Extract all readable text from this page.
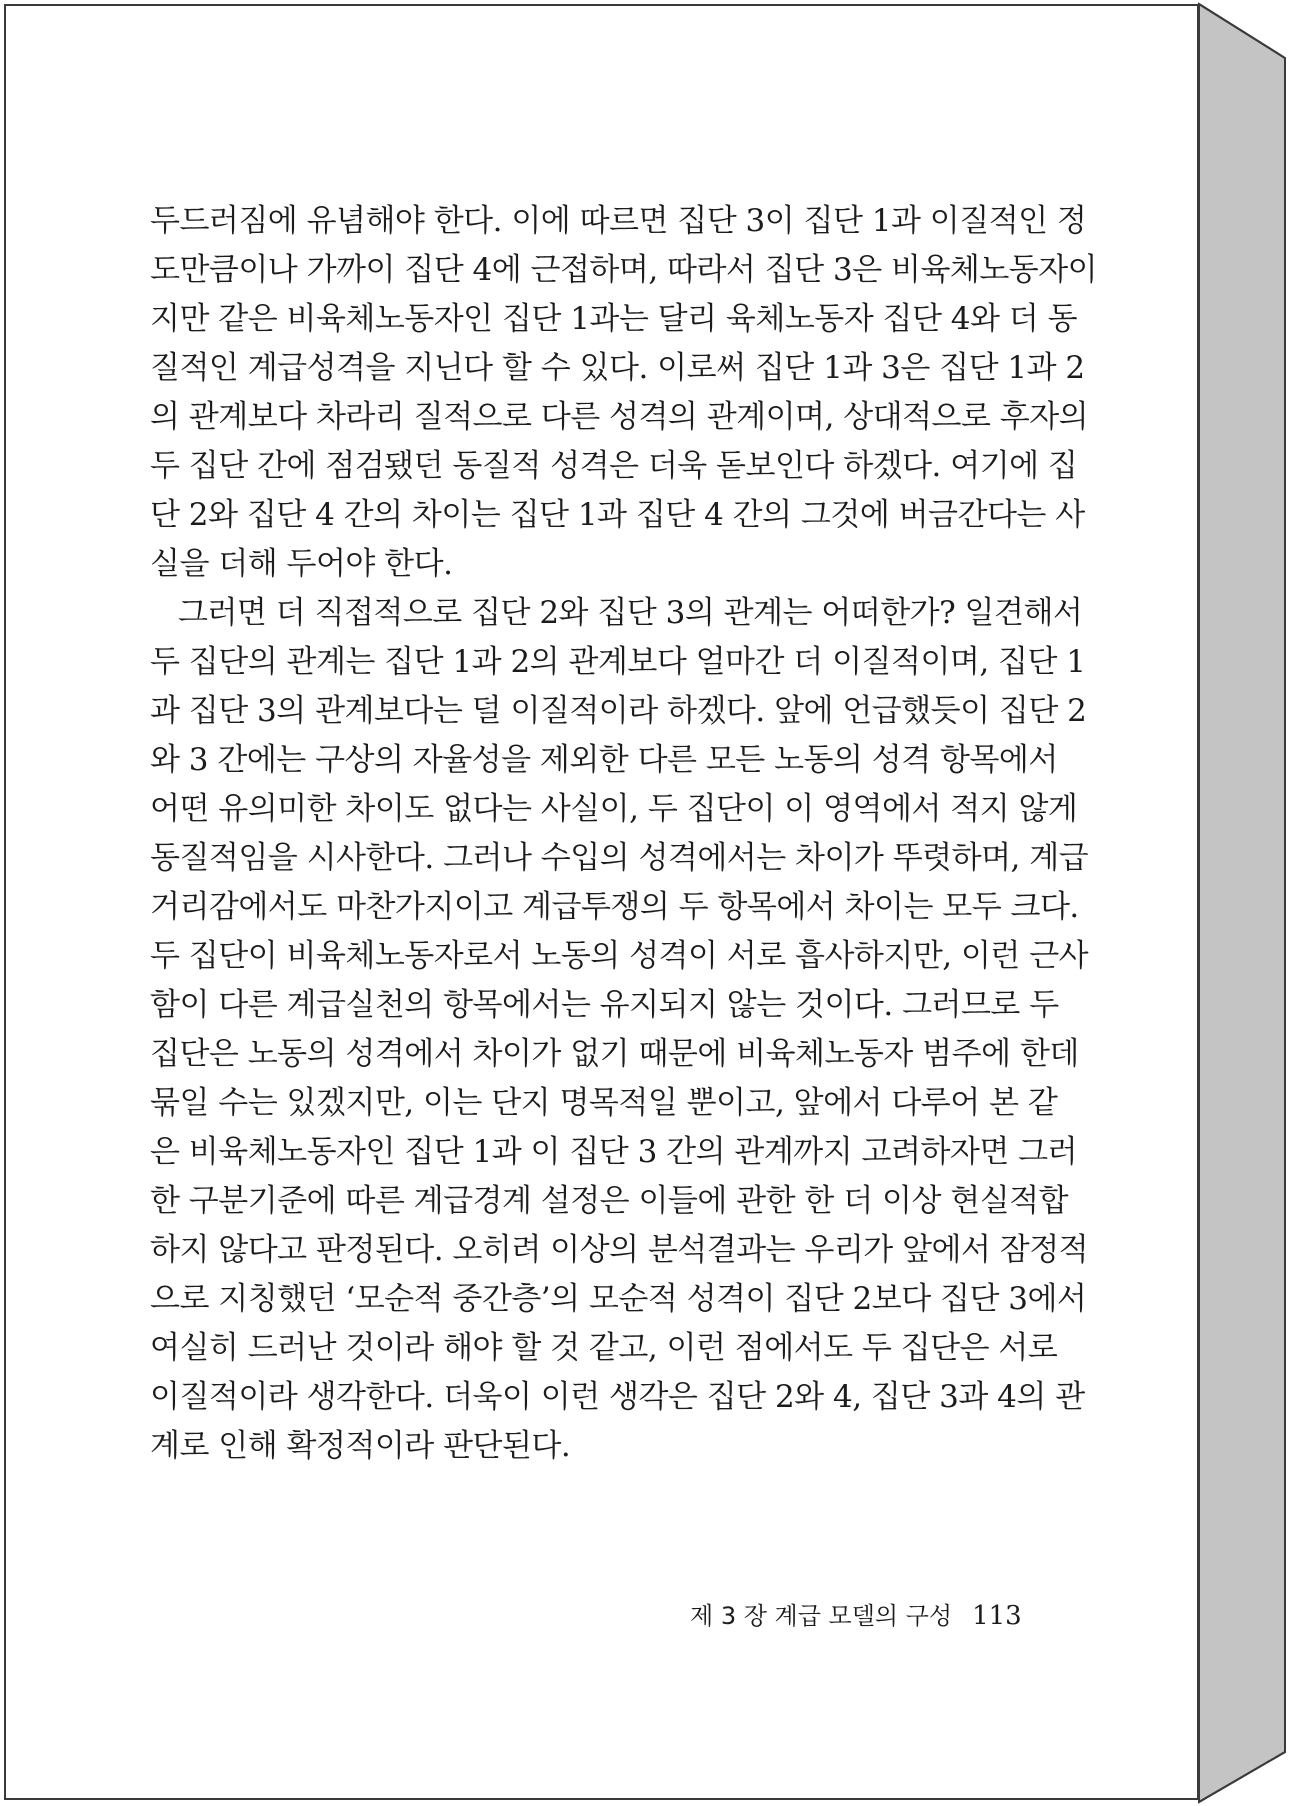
두드러짐에 유념해야 한다. 이에 따르면 집단 3이 집단 1과 이질적인 정
도만큼이나 가까이 집단 4에 근접하며, 따라서 집단 3은 비육체노동자이
지만 같은 비육체노동자인 집단 1과는 달리 육체노동자 집단 4와 더 동
질적인 계급성격을 지닌다 할 수 있다. 이로써 집단 1과 3은 집단 1과 2
의 관계보다 차라리 질적으로 다른 성격의 관계이며, 상대적으로 후자의
두 집단 간에 점검됐던 동질적 성격은 더욱 돋보인다 하겠다. 여기에 집
단 2와 집단 4 간의 차이는 집단 1과 집단 4 간의 그것에 버금간다는 사
실을 더해 두어야 한다.
그러면 더 직접적으로 집단 2와 집단 3의 관계는 어떠한가? 일견해서
두 집단의 관계는 집단 1과 2의 관계보다 얼마간 더 이질적이며, 집단 1
과 집단 3의 관계보다는 덜 이질적이라 하겠다. 앞에 언급했듯이 집단 2
와 3 간에는 구상의 자율성을 제외한 다른 모든 노동의 성격 항목에서
어떤 유의미한 차이도 없다는 사실이, 두 집단이 이 영역에서 적지 않게
동질적임을 시사한다. 그러나 수입의 성격에서는 차이가 뚜렷하며, 계급
거리감에서도 마찬가지이고 계급투쟁의 두 항목에서 차이는 모두 크다.
두 집단이 비육체노동자로서 노동의 성격이 서로 흡사하지만, 이런 근사
함이 다른 계급실천의 항목에서는 유지되지 않는 것이다. 그러므로 두
집단은 노동의 성격에서 차이가 없기 때문에 비육체노동자 범주에 한데
묶일 수는 있겠지만, 이는 단지 명목적일 뿐이고, 앞에서 다루어 본 같
은 비육체노동자인 집단 1과 이 집단 3 간의 관계까지 고려하자면 그러
한 구분기준에 따른 계급경계 설정은 이들에 관한 한 더 이상 현실적합
하지 않다고 판정된다. 오히려 이상의 분석결과는 우리가 앞에서 잠정적
으로 지칭했던 ‘모순적 중간층’의 모순적 성격이 집단 2보다 집단 3에서
여실히 드러난 것이라 해야 할 것 같고, 이런 점에서도 두 집단은 서로
이질적이라 생각한다. 더욱이 이런 생각은 집단 2와 4, 집단 3과 4의 관
계로 인해 확정적이라 판단된다.
제 3 장 계급 모델의 구성 113
